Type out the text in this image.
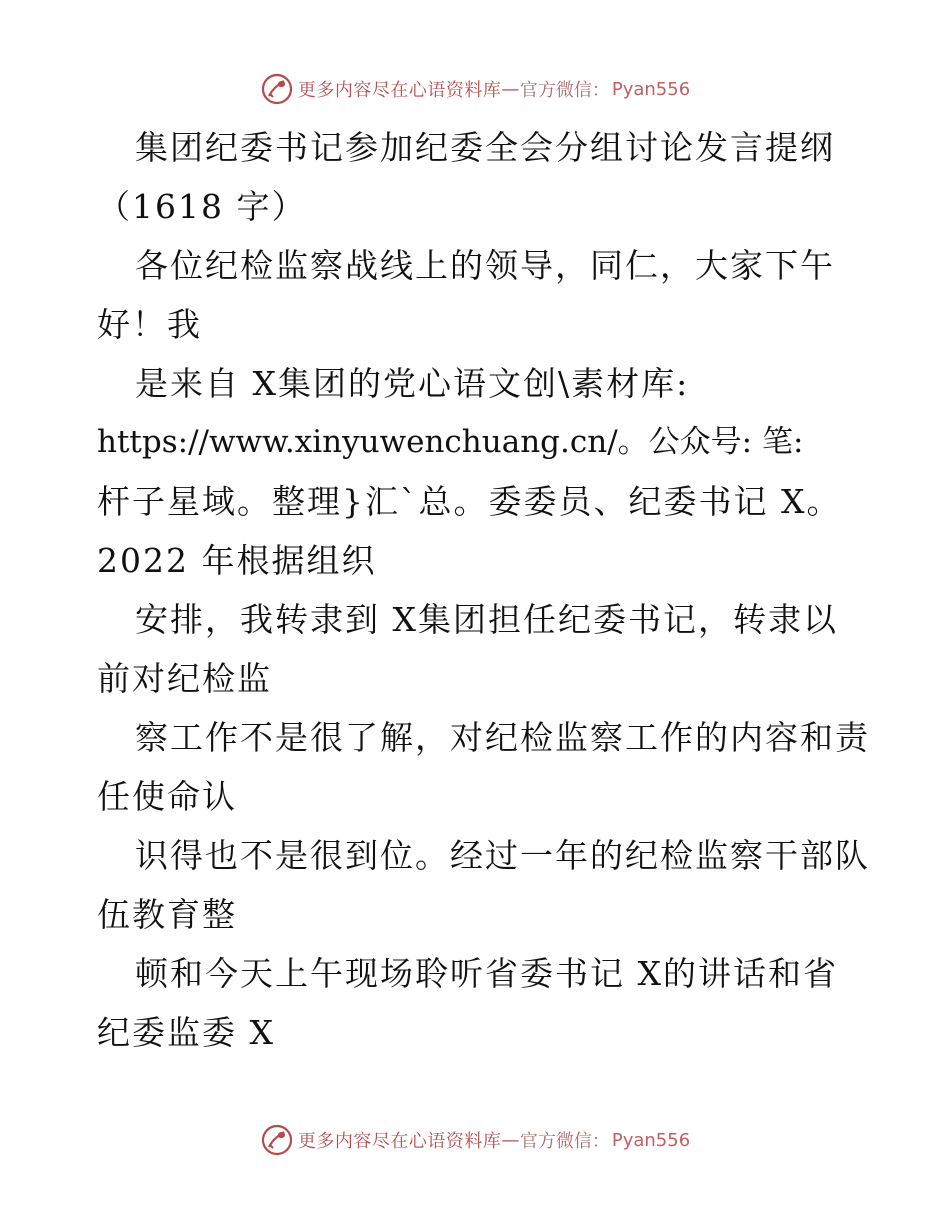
更多内容尽在心语资料库 — 官方微信： Pyan556
集团纪委书记参加纪委全会分组讨论发言提纲
（1618 字）
各位纪检监察战线上的领导，同仁，大家下午
好！我
是来自 X集团的党心语文创\素材库:
https://www.xinyuwenchuang.cn/。公众号: 笔:
杆子星域。整理}汇`总。委委员、纪委书记 X。
2022 年根据组织
安排，我转隶到 X集团担任纪委书记，转隶以
前对纪检监
察工作不是很了解，对纪检监察工作的内容和责
任使命认
识得也不是很到位。经过一年的纪检监察干部队
伍教育整
顿和今天上午现场聆听省委书记 X的讲话和省
纪委监委 X
更多内容尽在心语资料库 — 官方微信： Pyan556
